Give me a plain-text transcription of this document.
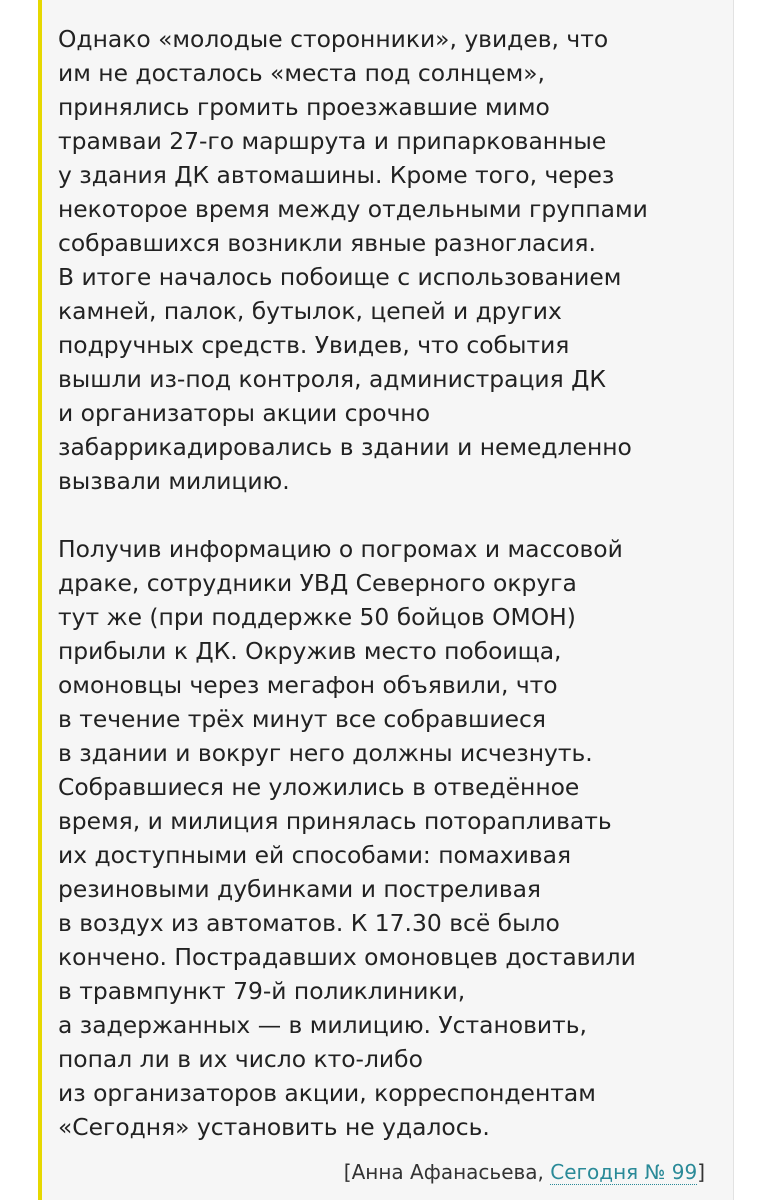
Однако «молодые сторонники», увидев, что
им не досталось «места под солнцем»,
принялись громить проезжавшие мимо
трамваи 27-го маршрута и припаркованные
у здания ДК автомашины. Кроме того, через
некоторое время между отдельными группами
собравшихся возникли явные разногласия.
В итоге началось побоище с использованием
камней, палок, бутылок, цепей и других
подручных средств. Увидев, что события
вышли из-под контроля, администрация ДК
и организаторы акции срочно
забаррикадировались в здании и немедленно
вызвали милицию.

Получив информацию о погромах и массовой
драке, сотрудники УВД Северного округа
тут же (при поддержке 50 бойцов ОМОН)
прибыли к ДК. Окружив место побоища,
омоновцы через мегафон объявили, что
в течение трёх минут все собравшиеся
в здании и вокруг него должны исчезнуть.
Собравшиеся не уложились в отведённое
время, и милиция принялась поторапливать
их доступными ей способами: помахивая
резиновыми дубинками и постреливая
в воздух из автоматов. К 17.30 всё было
кончено. Пострадавших омоновцев доставили
в травмпункт 79-й поликлиники,
а задержанных — в милицию. Установить,
попал ли в их число кто-либо
из организаторов акции, корреспондентам
«Сегодня» установить не удалось.

[Анна Афанасьева, Сегодня № 99]
